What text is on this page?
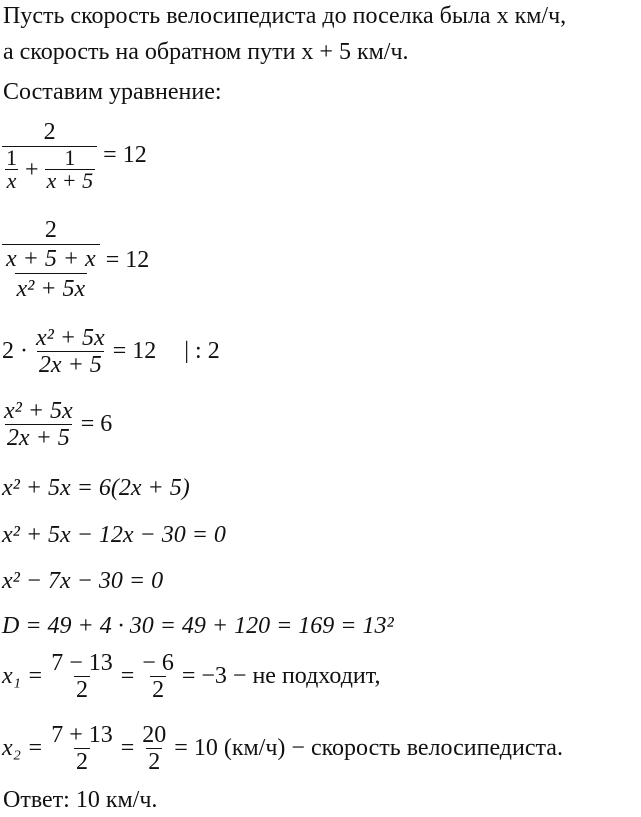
Пусть скорость велосипедиста до поселка была x км/ч,
а скорость на обратном пути x + 5 км/ч.
Составим уравнение:
2
$\frac{1}{x} + \frac{1}{x + 5} = 12$
$\frac{2}{\frac{x + 5 + x}{\text{x² + 5x}}} = 12$
$2 \cdot \frac{\text{x² + 5x}}{2x + 5} = 12$ | : 2
$\frac{\text{x² + 5x}}{2x + 5} = 6$
x² + 5x = 6(2x + 5)
x² + 5x − 12x − 30 = 0
x² − 7x − 30 = 0
D = 49 + 4 · 30 = 49 + 120 = 169 = 13²
$x_1 = \frac{7 - 13}{2} = \frac{- 6}{2} = -3$ − не подходит,
$x_2 = \frac{7 + 13}{2} = \frac{20}{2} = 10$ (км/ч) − скорость велосипедиста.
Ответ: 10 км/ч.
